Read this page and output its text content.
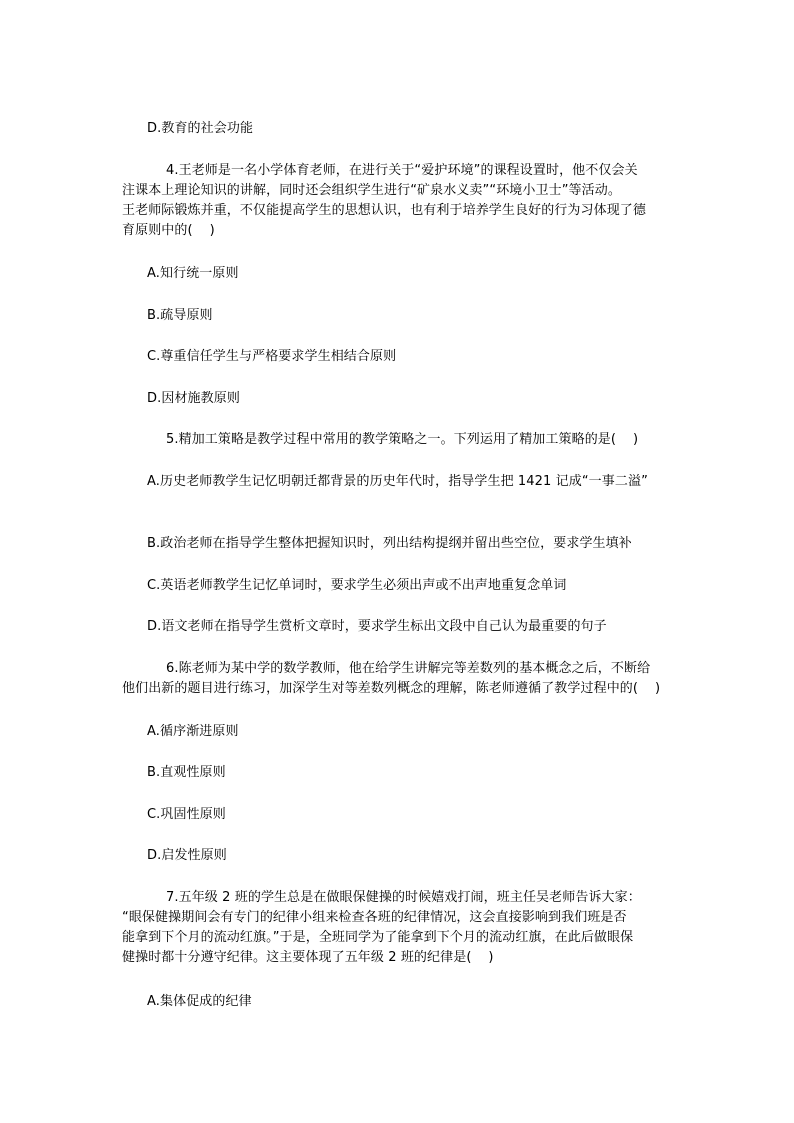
D.教育的社会功能

4.王老师是一名小学体育老师，在进行关于“爱护环境”的课程设置时，他不仅会关

注课本上理论知识的讲解，同时还会组织学生进行“矿泉水义卖”“环境小卫士”等活动。

王老师际锻炼并重，不仅能提高学生的思想认识，也有利于培养学生良好的行为习体现了德

育原则中的(    )

A.知行统一原则

B.疏导原则

C.尊重信任学生与严格要求学生相结合原则

D.因材施教原则

5.精加工策略是教学过程中常用的教学策略之一。下列运用了精加工策略的是(    )

A.历史老师教学生记忆明朝迁都背景的历史年代时，指导学生把 1421 记成“一事二溢”

B.政治老师在指导学生整体把握知识时，列出结构提纲并留出些空位，要求学生填补

C.英语老师教学生记忆单词时，要求学生必须出声或不出声地重复念单词

D.语文老师在指导学生赏析文章时，要求学生标出文段中自己认为最重要的句子

6.陈老师为某中学的数学教师，他在给学生讲解完等差数列的基本概念之后，不断给

他们出新的题目进行练习，加深学生对等差数列概念的理解，陈老师遵循了教学过程中的(    )

A.循序渐进原则

B.直观性原则

C.巩固性原则

D.启发性原则

7.五年级 2 班的学生总是在做眼保健操的时候嬉戏打闹，班主任吴老师告诉大家：

“眼保健操期间会有专门的纪律小组来检查各班的纪律情况，这会直接影响到我们班是否

能拿到下个月的流动红旗。”于是，全班同学为了能拿到下个月的流动红旗，在此后做眼保

健操时都十分遵守纪律。这主要体现了五年级 2 班的纪律是(    )

A.集体促成的纪律
